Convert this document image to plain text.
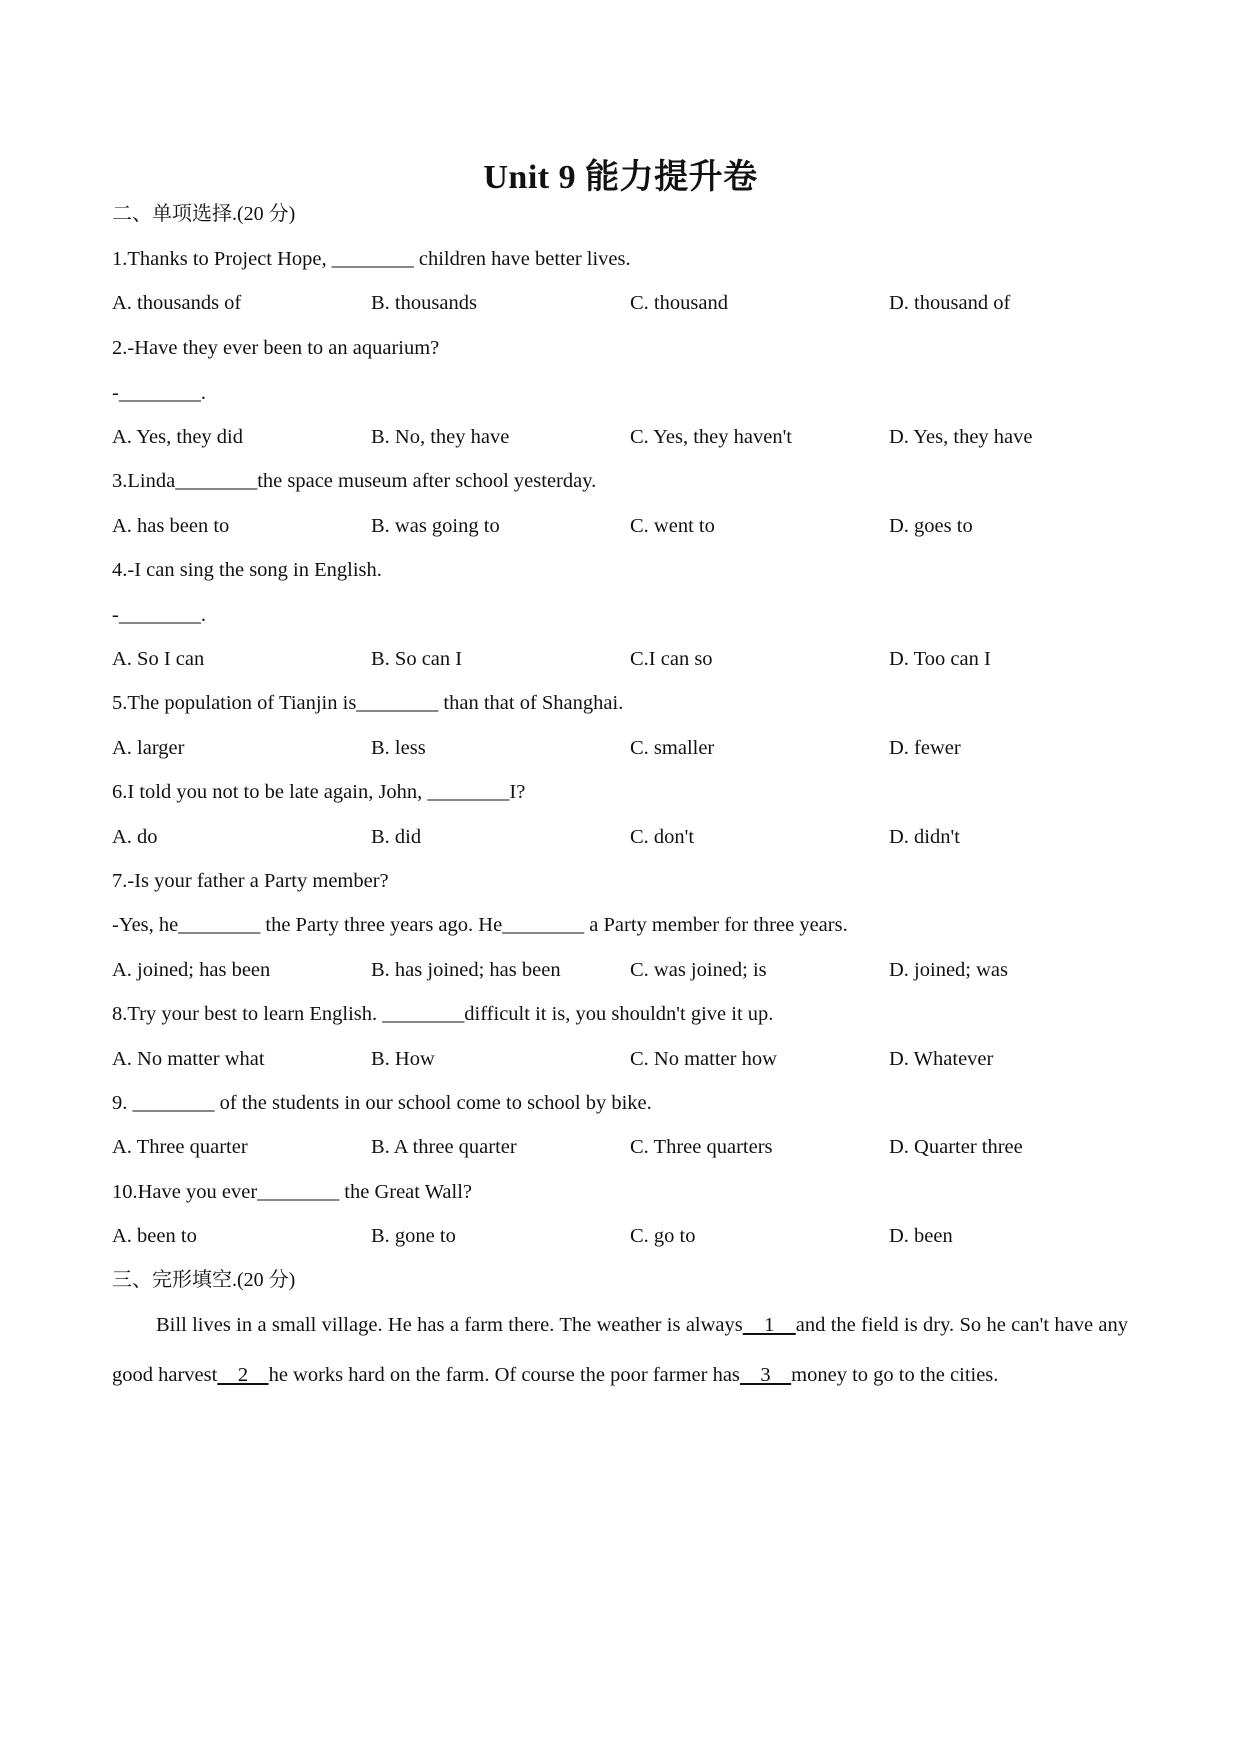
Unit 9 能力提升卷
二、单项选择.(20 分)
1.Thanks to Project Hope, ________ children have better lives.
A. thousands of	B. thousands	C. thousand	D. thousand of
2.-Have they ever been to an aquarium?
-________.
A. Yes, they did	B. No, they have	C. Yes, they haven't	D. Yes, they have
3.Linda________the space museum after school yesterday.
A. has been to	B. was going to	C. went to	D. goes to
4.-I can sing the song in English.
-________.
A. So I can	B. So can I	C.I can so	D. Too can I
5.The population of Tianjin is________ than that of Shanghai.
A. larger	B. less	C. smaller	D. fewer
6.I told you not to be late again, John, ________I?
A. do	B. did	C. don't	D. didn't
7.-Is your father a Party member?
-Yes, he________ the Party three years ago. He________ a Party member for three years.
A. joined; has been	B. has joined; has been	C. was joined; is	D. joined; was
8.Try your best to learn English. ________difficult it is, you shouldn't give it up.
A. No matter what	B. How	C. No matter how	D. Whatever
9. ________ of the students in our school come to school by bike.
A. Three quarter	B. A three quarter	C. Three quarters	D. Quarter three
10.Have you ever________ the Great Wall?
A. been to	B. gone to	C. go to	D. been
三、完形填空.(20 分)
Bill lives in a small village. He has a farm there. The weather is always    1    and the field is dry. So he can't have any good harvest    2    he works hard on the farm. Of course the poor farmer has    3    money to go to the cities.
